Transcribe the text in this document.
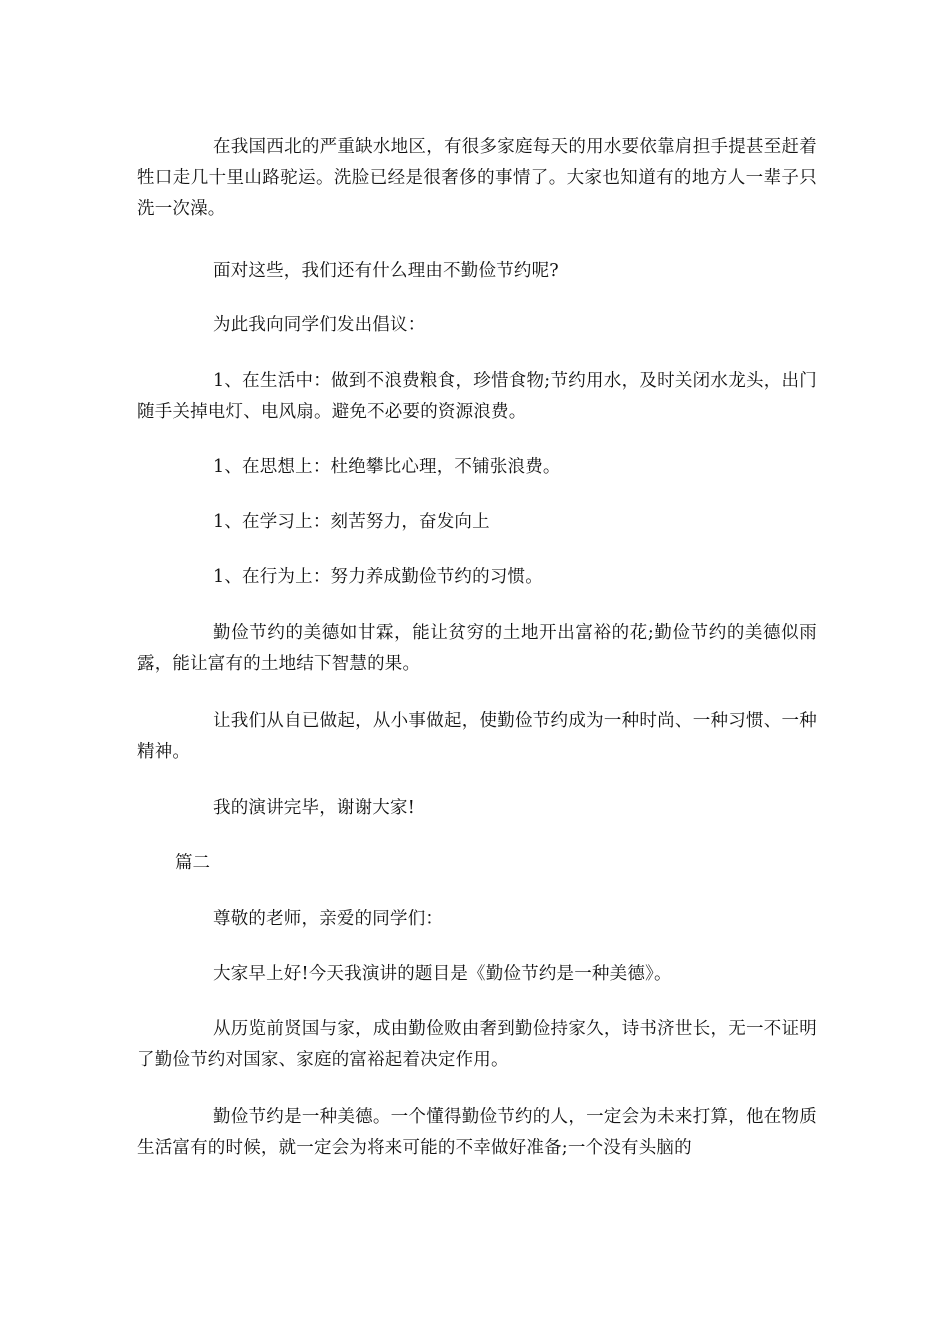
在我国西北的严重缺水地区，有很多家庭每天的用水要依靠肩担手提甚至赶着牲口走几十里山路驼运。洗脸已经是很奢侈的事情了。大家也知道有的地方人一辈子只洗一次澡。

面对这些，我们还有什么理由不勤俭节约呢?

为此我向同学们发出倡议：

1、在生活中：做到不浪费粮食，珍惜食物;节约用水，及时关闭水龙头，出门随手关掉电灯、电风扇。避免不必要的资源浪费。

1、在思想上：杜绝攀比心理，不铺张浪费。

1、在学习上：刻苦努力，奋发向上

1、在行为上：努力养成勤俭节约的习惯。

勤俭节约的美德如甘霖，能让贫穷的土地开出富裕的花;勤俭节约的美德似雨露，能让富有的土地结下智慧的果。

让我们从自已做起，从小事做起，使勤俭节约成为一种时尚、一种习惯、一种精神。

我的演讲完毕，谢谢大家!

篇二

尊敬的老师，亲爱的同学们：

大家早上好!今天我演讲的题目是《勤俭节约是一种美德》。

从历览前贤国与家，成由勤俭败由奢到勤俭持家久，诗书济世长，无一不证明了勤俭节约对国家、家庭的富裕起着决定作用。

勤俭节约是一种美德。一个懂得勤俭节约的人，一定会为未来打算，他在物质生活富有的时候，就一定会为将来可能的不幸做好准备;一个没有头脑的
